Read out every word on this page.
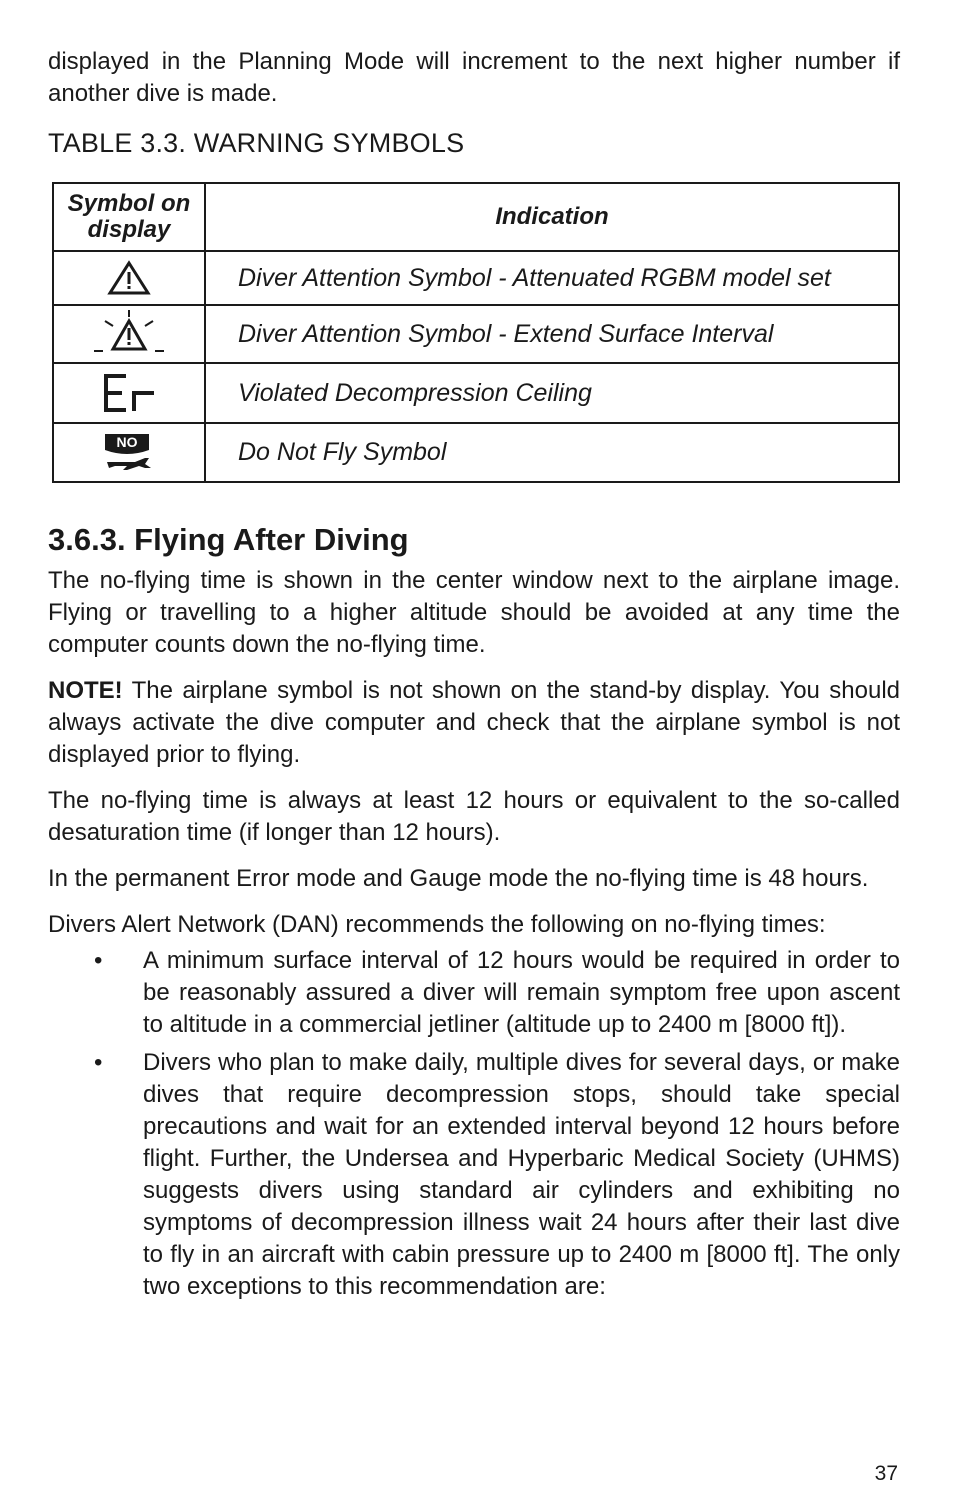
displayed in the Planning Mode will increment to the next higher number if another dive is made.

TABLE 3.3. WARNING SYMBOLS
Symbol on display	Indication

	Diver Attention Symbol - Attenuated RGBM model set

	Diver Attention Symbol - Extend Surface Interval

	Violated Decompression Ceiling

NO	Do Not Fly Symbol
3.6.3. Flying After Diving

The no-flying time is shown in the center window next to the airplane image. Flying or travelling to a higher altitude should be avoided at any time the computer counts down the no-flying time.

NOTE! The airplane symbol is not shown on the stand-by display. You should always activate the dive computer and check that the airplane symbol is not displayed prior to flying.

The no-flying time is always at least 12 hours or equivalent to the so-called desaturation time (if longer than 12 hours).

In the permanent Error mode and Gauge mode the no-flying time is 48 hours.

Divers Alert Network (DAN) recommends the following on no-flying times:

• A minimum surface interval of 12 hours would be required in order to be reasonably assured a diver will remain symptom free upon ascent to altitude in a commercial jetliner (altitude up to 2400 m [8000 ft]).

• Divers who plan to make daily, multiple dives for several days, or make dives that require decompression stops, should take special precautions and wait for an extended interval beyond 12 hours before flight. Further, the Undersea and Hyperbaric Medical Society (UHMS) suggests divers using standard air cylinders and exhibiting no symptoms of decompression illness wait 24 hours after their last dive to fly in an aircraft with cabin pressure up to 2400 m [8000 ft]. The only two exceptions to this recommendation are:

37
